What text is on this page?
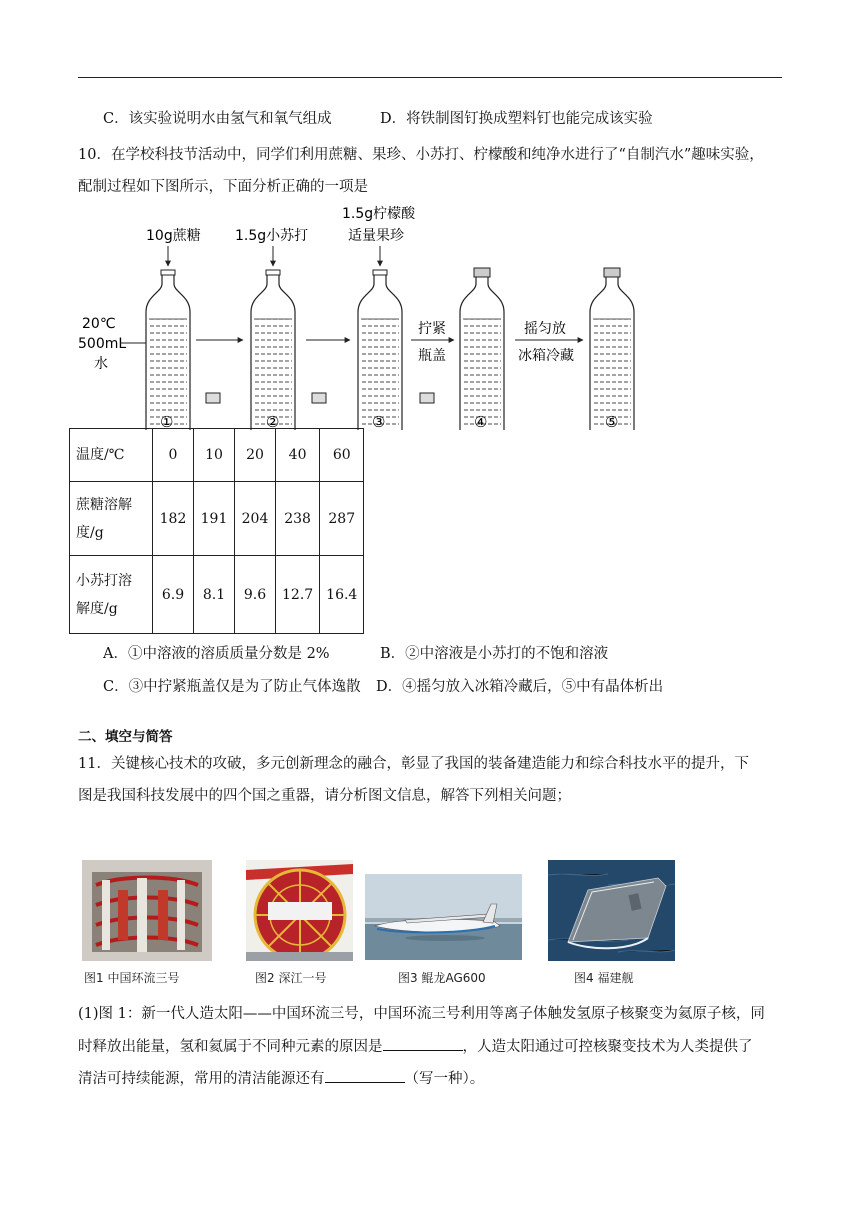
C．该实验说明水由氢气和氧气组成	D．将铁制图钉换成塑料钉也能完成该实验
10．在学校科技节活动中，同学们利用蔗糖、果珍、小苏打、柠檬酸和纯净水进行了“自制汽水”趣味实验，
配制过程如下图所示，下面分析正确的一项是
10g蔗糖 1.5g小苏打
1.5g柠檬酸
适量果珍
20℃
500mL
水
拧紧
瓶盖
摇匀放
冰箱冷藏
①	②	③	④	⑤
温度/℃	0	10	20	40	60
蔗糖溶解
度/g	182	191	204	238	287
小苏打溶
解度/g	6.9	8.1	9.6	12.7	16.4
A．①中溶液的溶质质量分数是 2%	B．②中溶液是小苏打的不饱和溶液
C．③中拧紧瓶盖仅是为了防止气体逸散 D．④摇匀放入冰箱冷藏后，⑤中有晶体析出
二、填空与简答
11．关键核心技术的攻破，多元创新理念的融合，彰显了我国的装备建造能力和综合科技水平的提升，下
图是我国科技发展中的四个国之重器，请分析图文信息，解答下列相关问题；
图1 中国环流三号	图2 深江一号	图3 鲲龙AG600	图4 福建舰
(1)图 1：新一代人造太阳——中国环流三号，中国环流三号利用等离子体触发氢原子核聚变为氦原子核，同
时释放出能量，氢和氦属于不同种元素的原因是	，人造太阳通过可控核聚变技术为人类提供了
清洁可持续能源，常用的清洁能源还有	（写一种）。
